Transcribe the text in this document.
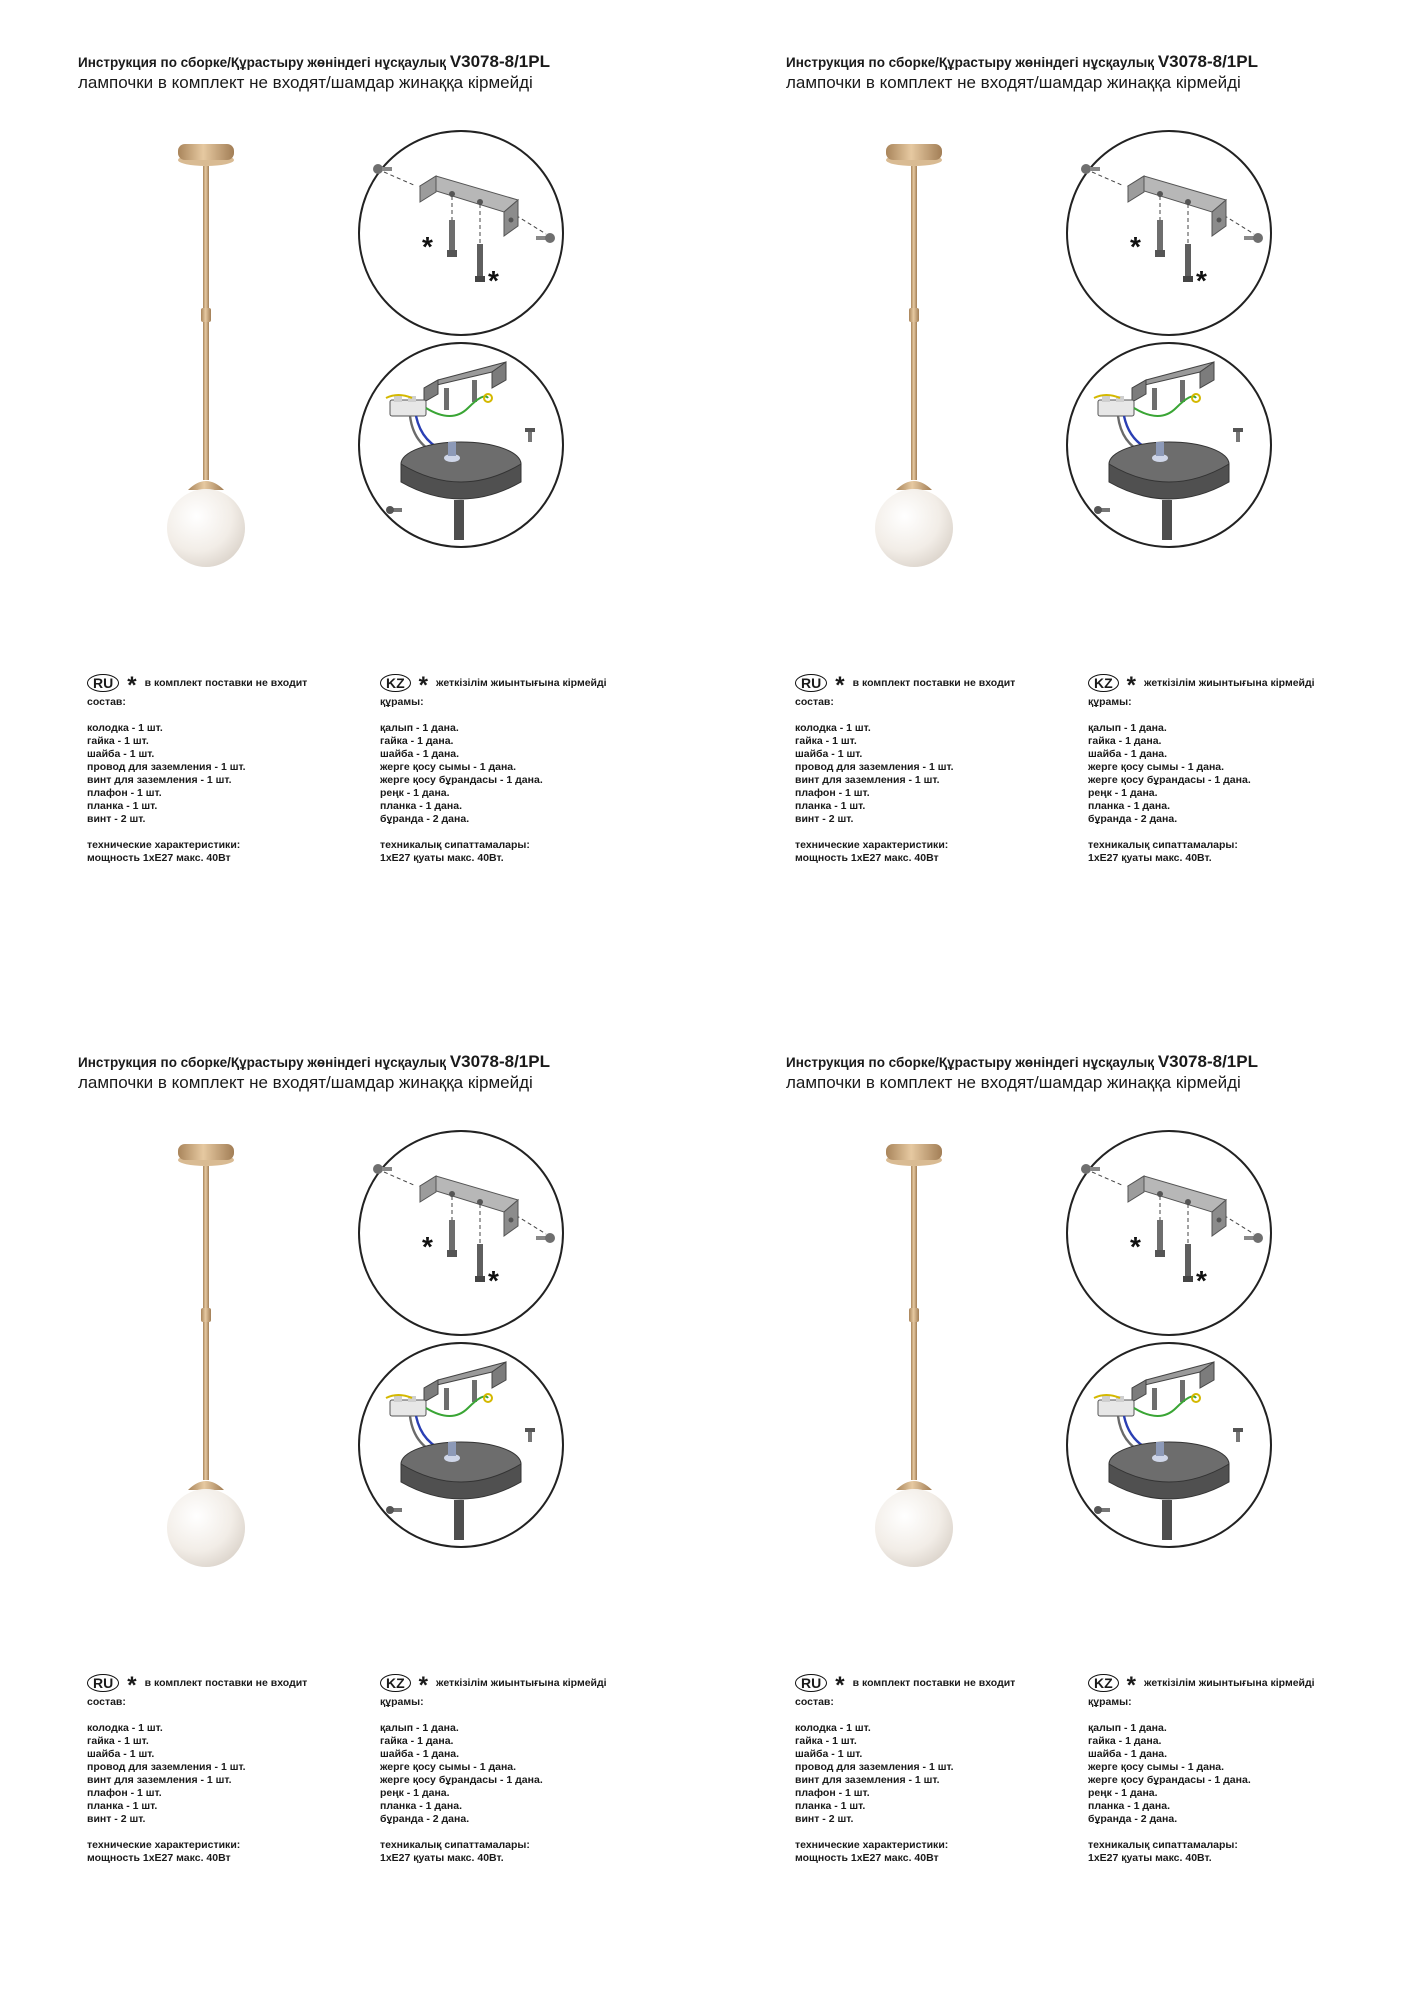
Инструкция по сборке/Құрастыру жөніндегі нұсқаулық V3078-8/1PL

лампочки в комплект не входят/шамдар жинаққа кірмейді

*
*
RU * в комплект поставки не входит

состав:

колодка - 1 шт.
гайка - 1 шт.
шайба - 1 шт.
провод для заземления - 1 шт.
винт для заземления - 1 шт.
плафон - 1 шт.
планка - 1 шт.
винт - 2 шт.

технические характеристики:

мощность 1хЕ27 макс. 40Вт

KZ * жеткізілім жиынтығына кірмейді

құрамы:

қалып - 1 дана.
гайка - 1 дана.
шайба - 1 дана.
жерге қосу сымы - 1 дана.
жерге қосу бұрандасы - 1 дана.
реңк - 1 дана.
планка - 1 дана.
бұранда - 2 дана.

техникалық сипаттамалары:

1хЕ27 қуаты макс. 40Вт.

Инструкция по сборке/Құрастыру жөніндегі нұсқаулық V3078-8/1PL

лампочки в комплект не входят/шамдар жинаққа кірмейді

*
*
RU * в комплект поставки не входит

состав:

колодка - 1 шт.
гайка - 1 шт.
шайба - 1 шт.
провод для заземления - 1 шт.
винт для заземления - 1 шт.
плафон - 1 шт.
планка - 1 шт.
винт - 2 шт.

технические характеристики:

мощность 1хЕ27 макс. 40Вт

KZ * жеткізілім жиынтығына кірмейді

құрамы:

қалып - 1 дана.
гайка - 1 дана.
шайба - 1 дана.
жерге қосу сымы - 1 дана.
жерге қосу бұрандасы - 1 дана.
реңк - 1 дана.
планка - 1 дана.
бұранда - 2 дана.

техникалық сипаттамалары:

1хЕ27 қуаты макс. 40Вт.

Инструкция по сборке/Құрастыру жөніндегі нұсқаулық V3078-8/1PL

лампочки в комплект не входят/шамдар жинаққа кірмейді

*
*
RU * в комплект поставки не входит

состав:

колодка - 1 шт.
гайка - 1 шт.
шайба - 1 шт.
провод для заземления - 1 шт.
винт для заземления - 1 шт.
плафон - 1 шт.
планка - 1 шт.
винт - 2 шт.

технические характеристики:

мощность 1хЕ27 макс. 40Вт

KZ * жеткізілім жиынтығына кірмейді

құрамы:

қалып - 1 дана.
гайка - 1 дана.
шайба - 1 дана.
жерге қосу сымы - 1 дана.
жерге қосу бұрандасы - 1 дана.
реңк - 1 дана.
планка - 1 дана.
бұранда - 2 дана.

техникалық сипаттамалары:

1хЕ27 қуаты макс. 40Вт.

Инструкция по сборке/Құрастыру жөніндегі нұсқаулық V3078-8/1PL

лампочки в комплект не входят/шамдар жинаққа кірмейді

*
*
RU * в комплект поставки не входит

состав:

колодка - 1 шт.
гайка - 1 шт.
шайба - 1 шт.
провод для заземления - 1 шт.
винт для заземления - 1 шт.
плафон - 1 шт.
планка - 1 шт.
винт - 2 шт.

технические характеристики:

мощность 1хЕ27 макс. 40Вт

KZ * жеткізілім жиынтығына кірмейді

құрамы:

қалып - 1 дана.
гайка - 1 дана.
шайба - 1 дана.
жерге қосу сымы - 1 дана.
жерге қосу бұрандасы - 1 дана.
реңк - 1 дана.
планка - 1 дана.
бұранда - 2 дана.

техникалық сипаттамалары:

1хЕ27 қуаты макс. 40Вт.
